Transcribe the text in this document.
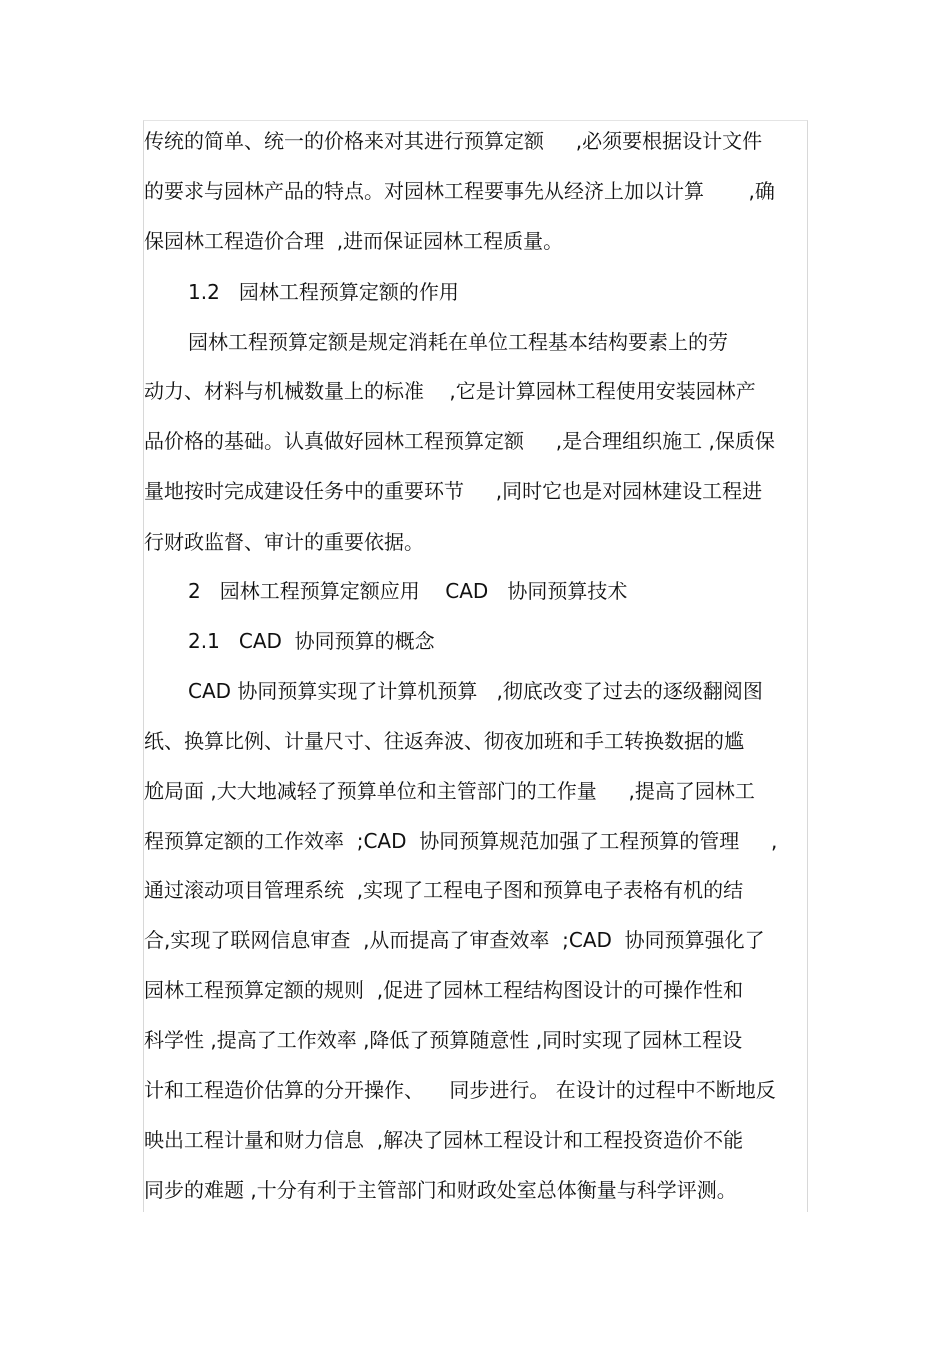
传统的简单、统一的价格来对其进行预算定额     ,必须要根据设计文件
的要求与园林产品的特点。对园林工程要事先从经济上加以计算       ,确
保园林工程造价合理  ,进而保证园林工程质量。
1.2   园林工程预算定额的作用
园林工程预算定额是规定消耗在单位工程基本结构要素上的劳
动力、材料与机械数量上的标准    ,它是计算园林工程使用安装园林产
品价格的基础。认真做好园林工程预算定额     ,是合理组织施工 ,保质保
量地按时完成建设任务中的重要环节     ,同时它也是对园林建设工程进
行财政监督、审计的重要依据。
2   园林工程预算定额应用    CAD   协同预算技术
2.1   CAD  协同预算的概念
CAD 协同预算实现了计算机预算   ,彻底改变了过去的逐级翻阅图
纸、换算比例、计量尺寸、往返奔波、彻夜加班和手工转换数据的尴
尬局面 ,大大地减轻了预算单位和主管部门的工作量     ,提高了园林工
程预算定额的工作效率  ;CAD  协同预算规范加强了工程预算的管理     ,
通过滚动项目管理系统  ,实现了工程电子图和预算电子表格有机的结
合,实现了联网信息审查  ,从而提高了审查效率  ;CAD  协同预算强化了
园林工程预算定额的规则  ,促进了园林工程结构图设计的可操作性和
科学性 ,提高了工作效率 ,降低了预算随意性 ,同时实现了园林工程设
计和工程造价估算的分开操作、    同步进行。 在设计的过程中不断地反
映出工程计量和财力信息  ,解决了园林工程设计和工程投资造价不能
同步的难题 ,十分有利于主管部门和财政处室总体衡量与科学评测。
